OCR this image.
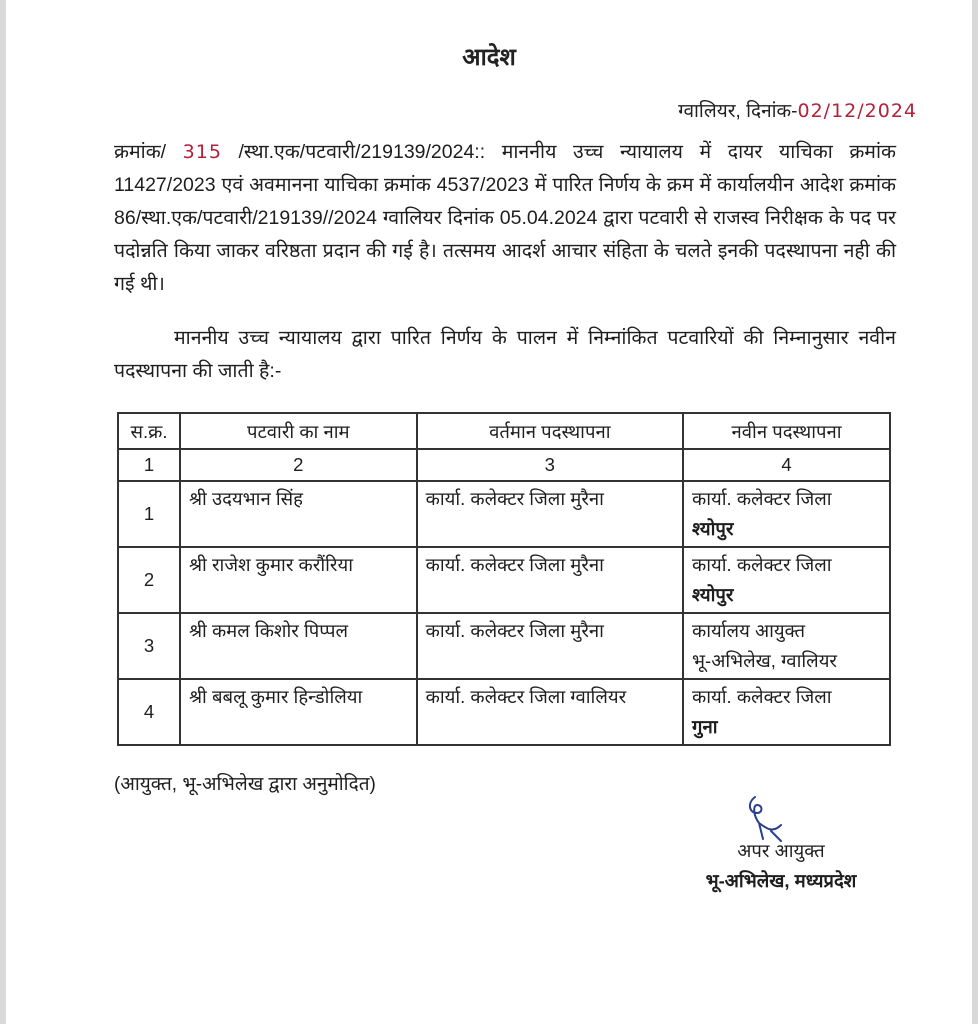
आदेश
ग्वालियर, दिनांक-02/12/2024
क्रमांक/ 315 /स्था.एक/पटवारी/219139/2024:: माननीय उच्च न्यायालय में दायर याचिका क्रमांक 11427/2023 एवं अवमानना याचिका क्रमांक 4537/2023 में पारित निर्णय के क्रम में कार्यालयीन आदेश क्रमांक 86/स्था.एक/पटवारी/219139//2024 ग्वालियर दिनांक 05.04.2024 द्वारा पटवारी से राजस्व निरीक्षक के पद पर पदोन्नति किया जाकर वरिष्ठता प्रदान की गई है। तत्समय आदर्श आचार संहिता के चलते इनकी पदस्थापना नही की गई थी।
माननीय उच्च न्यायालय द्वारा पारित निर्णय के पालन में निम्नांकित पटवारियों की निम्नानुसार नवीन पदस्थापना की जाती है:-
स.क्र.	पटवारी का नाम	वर्तमान पदस्थापना	नवीन पदस्थापना
1	2	3	4
1	श्री उदयभान सिंह	कार्या. कलेक्टर जिला मुरैना	कार्या. कलेक्टर जिला
श्योपुर

2	श्री राजेश कुमार करौंरिया	कार्या. कलेक्टर जिला मुरैना	कार्या. कलेक्टर जिला
श्योपुर

3	श्री कमल किशोर पिप्पल	कार्या. कलेक्टर जिला मुरैना	कार्यालय आयुक्त
भू-अभिलेख, ग्वालियर

4	श्री बबलू कुमार हिन्डोलिया	कार्या. कलेक्टर जिला ग्वालियर	कार्या. कलेक्टर जिला
गुना
(आयुक्त, भू-अभिलेख द्वारा अनुमोदित)
अपर आयुक्त
भू-अभिलेख, मध्यप्रदेश
